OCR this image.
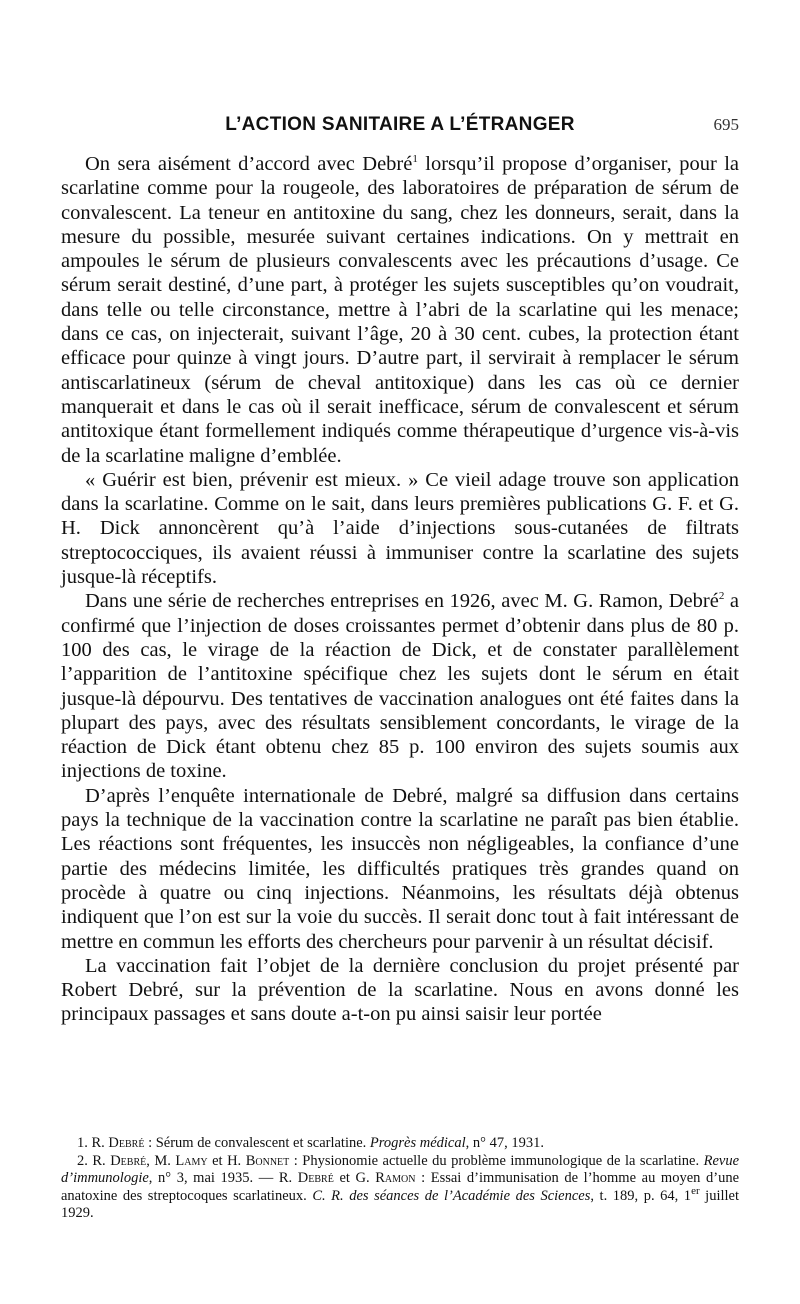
L’ACTION SANITAIRE A L’ÉTRANGER	695

On sera aisément d’accord avec Debré$^1$ lorsqu’il propose d’organiser, pour la scarlatine comme pour la rougeole, des laboratoires de préparation de sérum de convalescent. La teneur en antitoxine du sang, chez les donneurs, serait, dans la mesure du possible, mesurée suivant certaines indications. On y mettrait en ampoules le sérum de plusieurs convalescents avec les précautions d’usage. Ce sérum serait destiné, d’une part, à protéger les sujets susceptibles qu’on voudrait, dans telle ou telle circonstance, mettre à l’abri de la scarlatine qui les menace; dans ce cas, on injecterait, suivant l’âge, 20 à 30 cent. cubes, la protection étant efficace pour quinze à vingt jours. D’autre part, il servirait à remplacer le sérum antiscarlatineux (sérum de cheval antitoxique) dans les cas où ce dernier manquerait et dans le cas où il serait inefficace, sérum de convalescent et sérum antitoxique étant formellement indiqués comme thérapeutique d’urgence vis-à-vis de la scarlatine maligne d’emblée.

« Guérir est bien, prévenir est mieux. » Ce vieil adage trouve son application dans la scarlatine. Comme on le sait, dans leurs premières publications G. F. et G. H. Dick annoncèrent qu’à l’aide d’injections sous-cutanées de filtrats streptococciques, ils avaient réussi à immuniser contre la scarlatine des sujets jusque-là réceptifs.

Dans une série de recherches entreprises en 1926, avec M. G. Ramon, Debré$^2$ a confirmé que l’injection de doses croissantes permet d’obtenir dans plus de 80 p. 100 des cas, le virage de la réaction de Dick, et de constater parallèlement l’apparition de l’antitoxine spécifique chez les sujets dont le sérum en était jusque-là dépourvu. Des tentatives de vaccination analogues ont été faites dans la plupart des pays, avec des résultats sensiblement concordants, le virage de la réaction de Dick étant obtenu chez 85 p. 100 environ des sujets soumis aux injections de toxine.

D’après l’enquête internationale de Debré, malgré sa diffusion dans certains pays la technique de la vaccination contre la scarlatine ne paraît pas bien établie. Les réactions sont fréquentes, les insuccès non négligeables, la confiance d’une partie des médecins limitée, les difficultés pratiques très grandes quand on procède à quatre ou cinq injections. Néanmoins, les résultats déjà obtenus indiquent que l’on est sur la voie du succès. Il serait donc tout à fait intéressant de mettre en commun les efforts des chercheurs pour parvenir à un résultat décisif.

La vaccination fait l’objet de la dernière conclusion du projet présenté par Robert Debré, sur la prévention de la scarlatine. Nous en avons donné les principaux passages et sans doute a-t-on pu ainsi saisir leur portée

1. R. Debré : Sérum de convalescent et scarlatine. Progrès médical, n° 47, 1931.

2. R. Debré, M. Lamy et H. Bonnet : Physionomie actuelle du problème immunologique de la scarlatine. Revue d’immunologie, n° 3, mai 1935. — R. Debré et G. Ramon : Essai d’immunisation de l’homme au moyen d’une anatoxine des streptocoques scarlatineux. C. R. des séances de l’Académie des Sciences, t. 189, p. 64, 1er juillet 1929.
